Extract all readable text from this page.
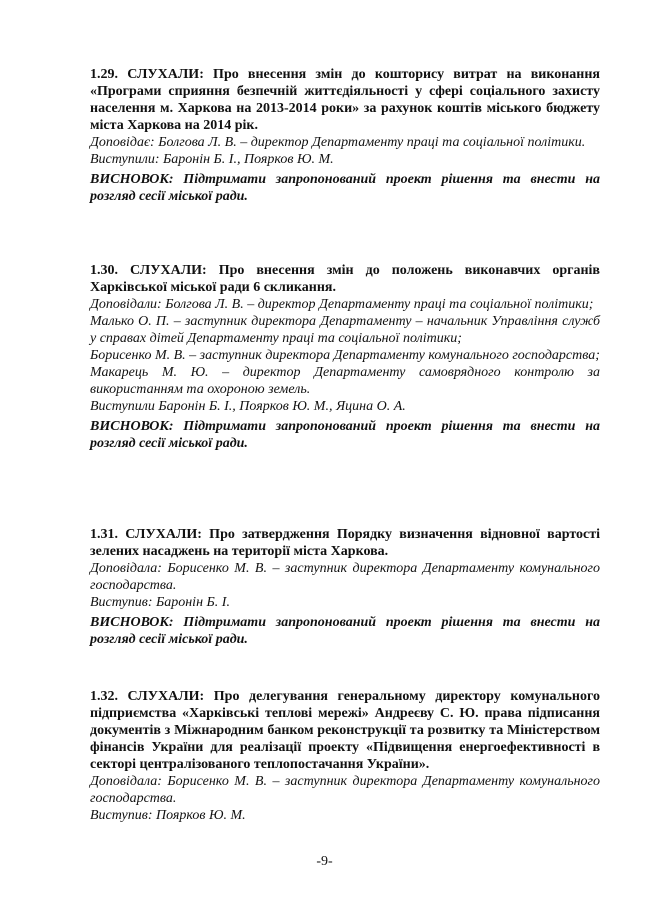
1.29. СЛУХАЛИ: Про внесення змін до кошторису витрат на виконання «Програми сприяння безпечній життєдіяльності у сфері соціального захисту населення м. Харкова на 2013-2014 роки» за рахунок коштів міського бюджету міста Харкова на 2014 рік.

Доповідає: Болгова Л. В. – директор Департаменту праці та соціальної політики.

Виступили: Баронін Б. І., Поярков Ю. М.

ВИСНОВОК: Підтримати запропонований проект рішення та внести на розгляд сесії міської ради.

1.30. СЛУХАЛИ: Про внесення змін до положень виконавчих органів Харківської міської ради 6 скликання.

Доповідали: Болгова Л. В. – директор Департаменту праці та соціальної політики;

Малько О. П. – заступник директора Департаменту – начальник Управління служб у справах дітей Департаменту праці та соціальної політики;

Борисенко М. В. – заступник директора Департаменту комунального господарства;

Макарець М. Ю. – директор Департаменту самоврядного контролю за використанням та охороною земель.

Виступили Баронін Б. І., Поярков Ю. М., Яцина О. А.

ВИСНОВОК: Підтримати запропонований проект рішення та внести на розгляд сесії міської ради.

1.31. СЛУХАЛИ: Про затвердження Порядку визначення відновної вартості зелених насаджень на території міста Харкова.

Доповідала: Борисенко М. В. – заступник директора Департаменту комунального господарства.

Виступив: Баронін Б. І.

ВИСНОВОК: Підтримати запропонований проект рішення та внести на розгляд сесії міської ради.

1.32. СЛУХАЛИ: Про делегування генеральному директору комунального підприємства «Харківські теплові мережі» Андреєву С. Ю. права підписання документів з Міжнародним банком реконструкції та розвитку та Міністерством фінансів України для реалізації проекту «Підвищення енергоефективності в секторі централізованого теплопостачання України».

Доповідала: Борисенко М. В. – заступник директора Департаменту комунального господарства.

Виступив: Поярков Ю. М.

-9-
